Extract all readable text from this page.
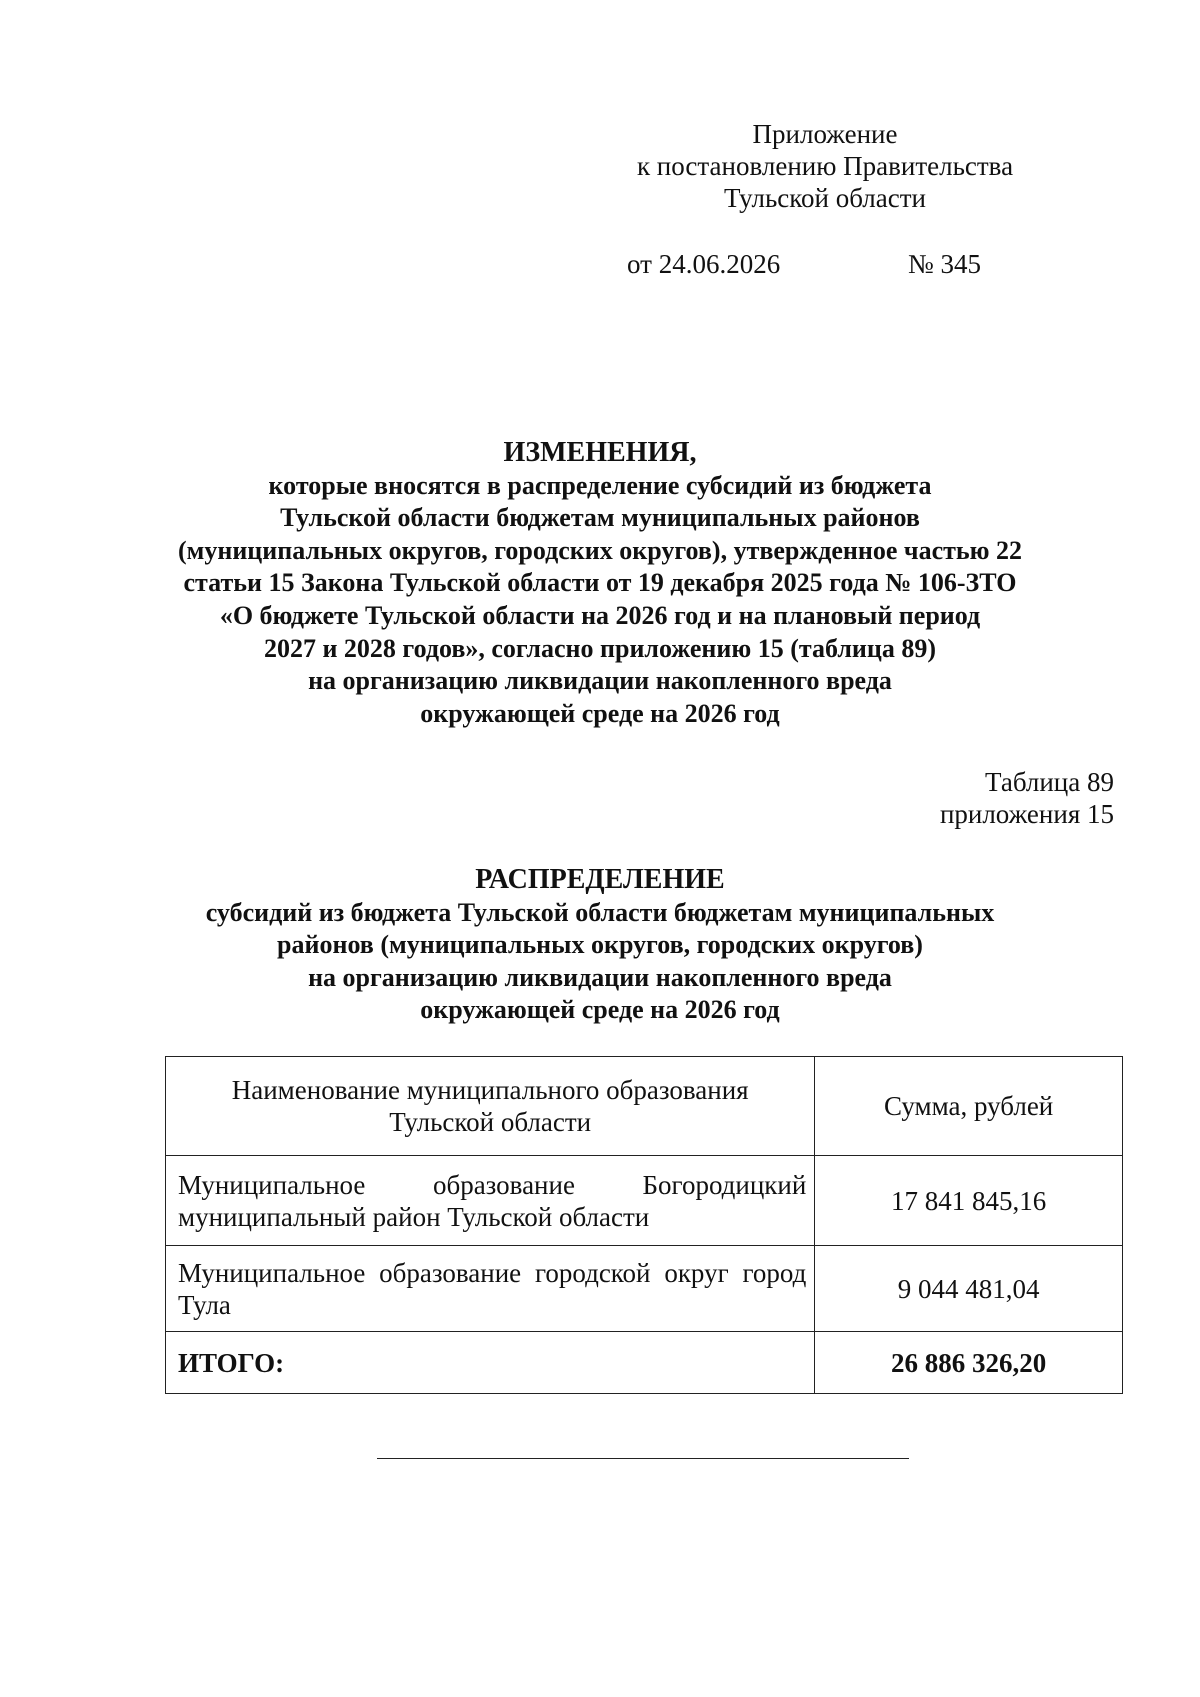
Приложение
к постановлению Правительства
Тульской области
от 24.06.2026	№ 345
ИЗМЕНЕНИЯ,
которые вносятся в распределение субсидий из бюджета
Тульской области бюджетам муниципальных районов
(муниципальных округов, городских округов), утвержденное частью 22
статьи 15 Закона Тульской области от 19 декабря 2025 года № 106-ЗТО
«О бюджете Тульской области на 2026 год и на плановый период
2027 и 2028 годов», согласно приложению 15 (таблица 89)
на организацию ликвидации накопленного вреда
окружающей среде на 2026 год
Таблица 89
приложения 15
РАСПРЕДЕЛЕНИЕ
субсидий из бюджета Тульской области бюджетам муниципальных
районов (муниципальных округов, городских округов)
на организацию ликвидации накопленного вреда
окружающей среде на 2026 год
Наименование муниципального образования
Тульской области	Сумма, рублей
Муниципальное образование Богородицкий муниципальный район Тульской области	17 841 845,16
Муниципальное образование городской округ город Тула	9 044 481,04
ИТОГО:	26 886 326,20
